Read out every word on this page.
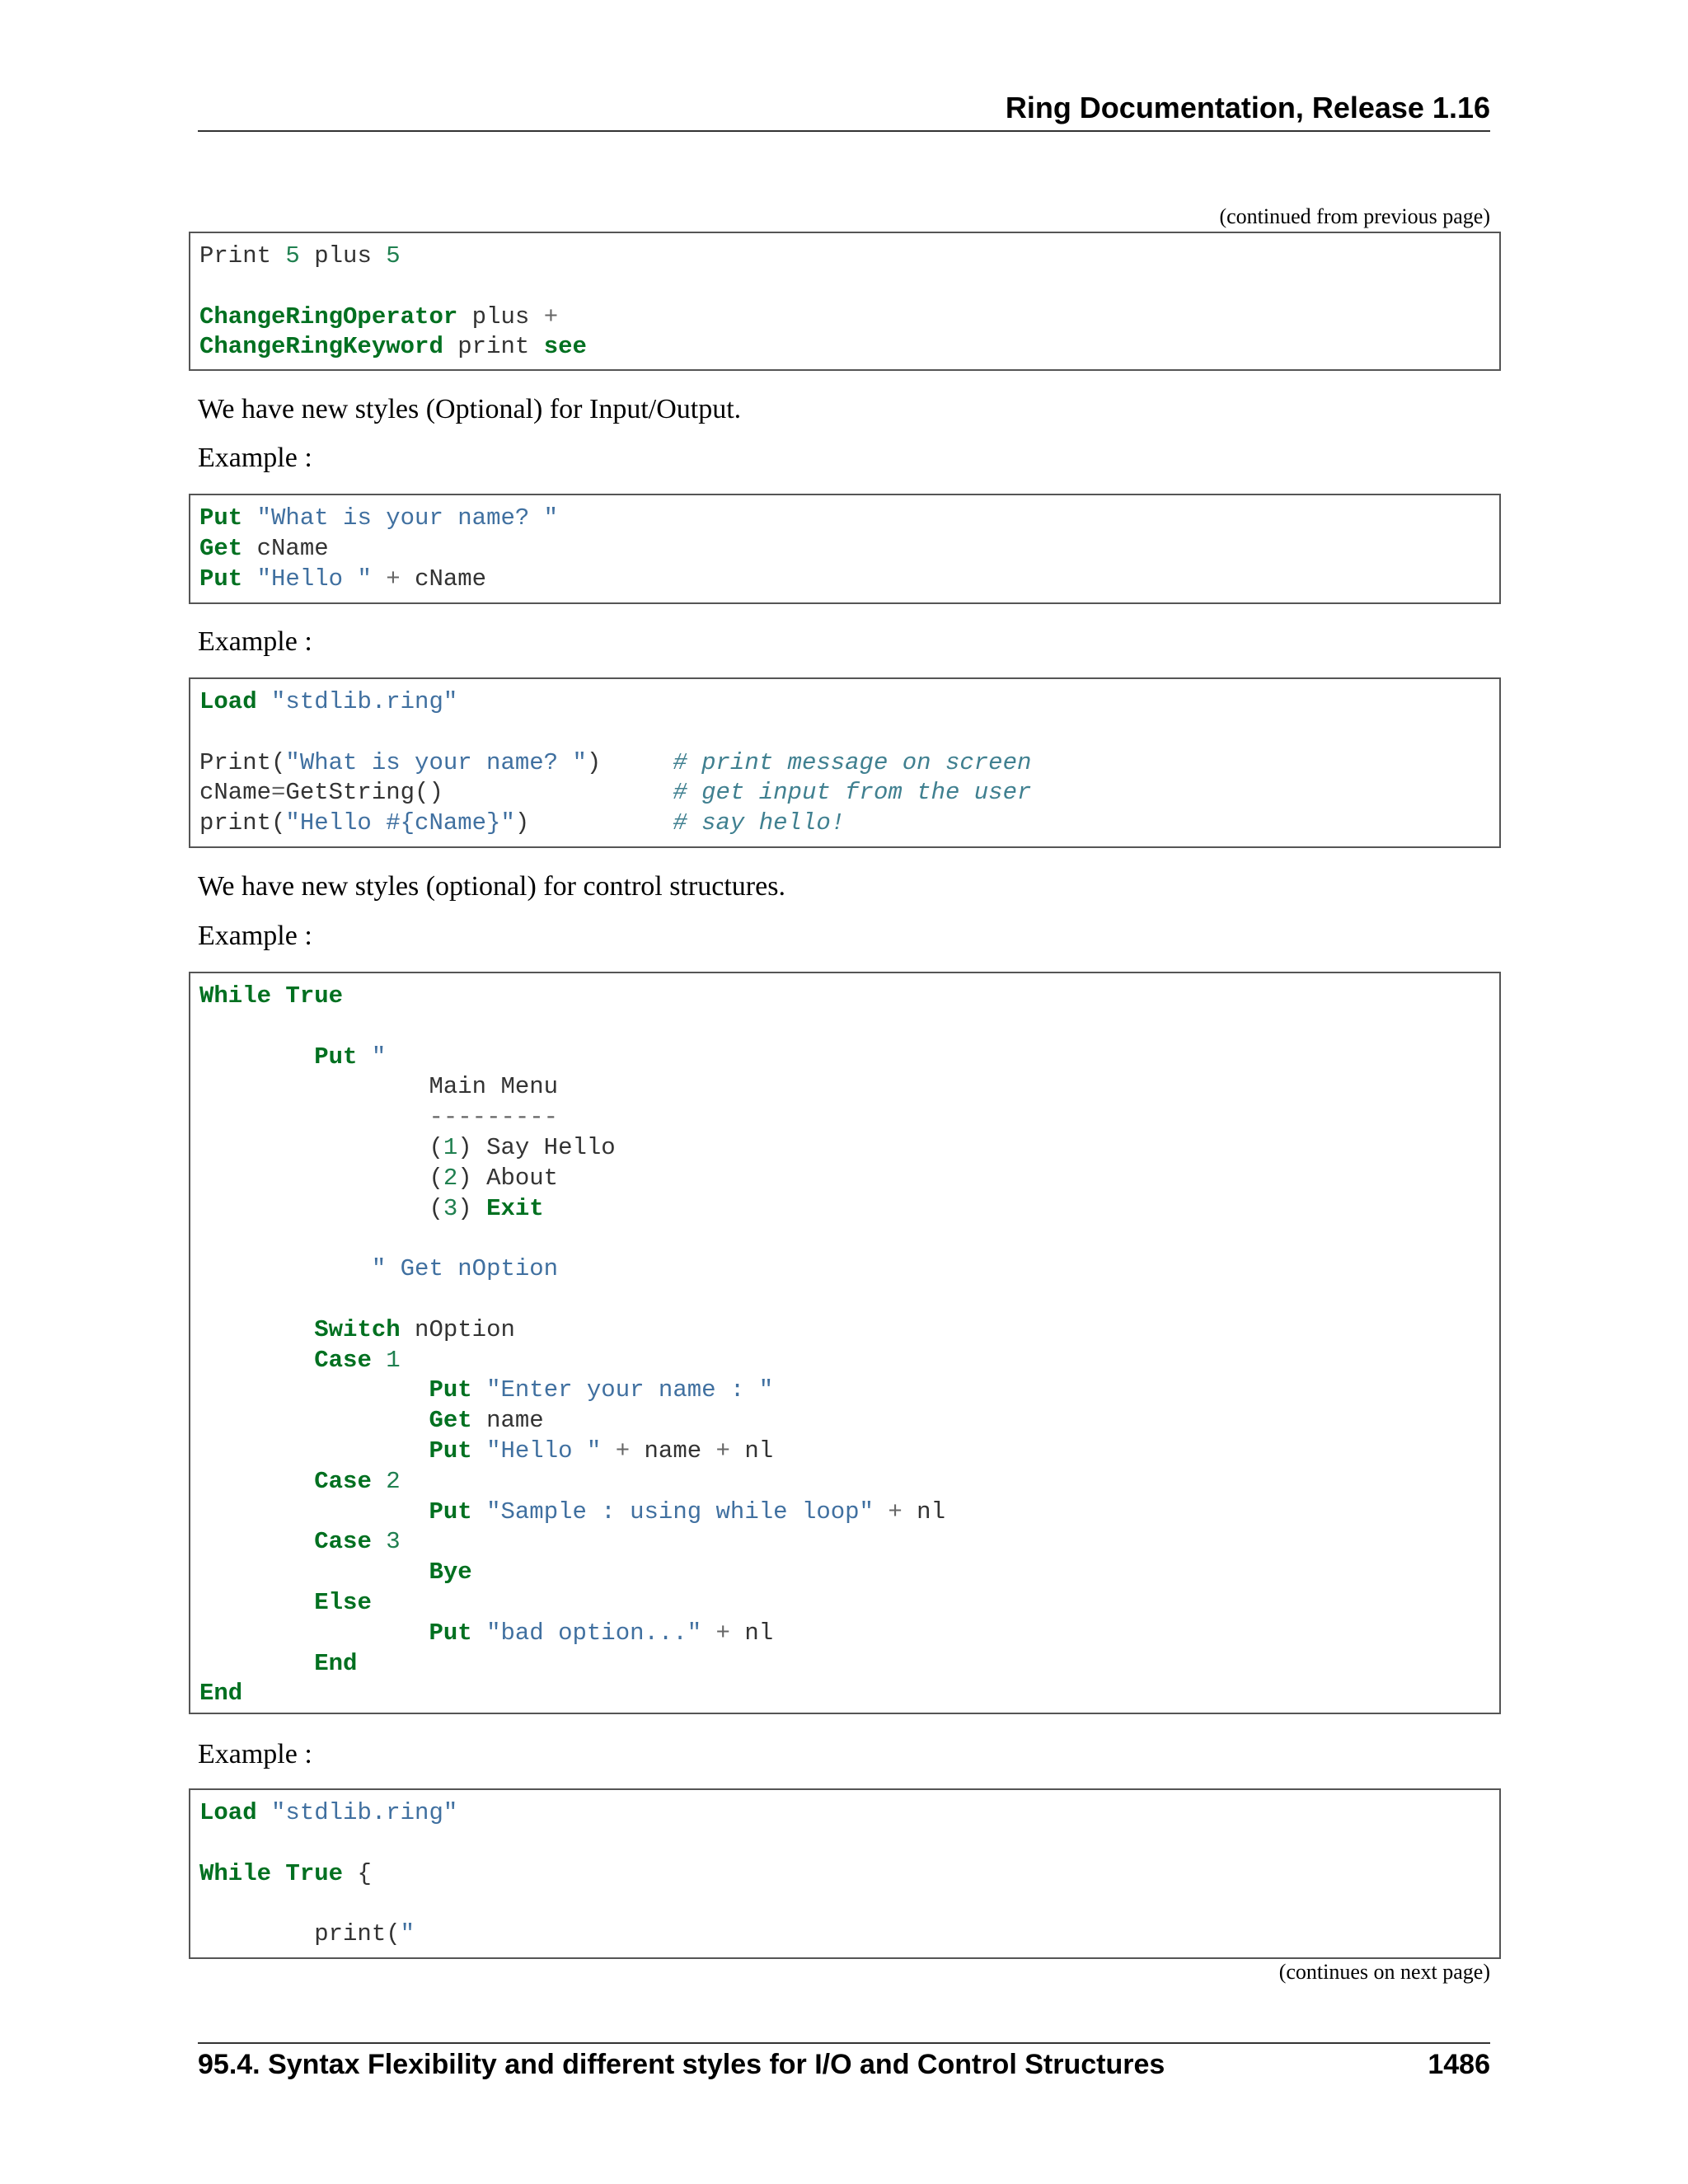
Ring Documentation, Release 1.16
(continued from previous page)
Print 5 plus 5

ChangeRingOperator plus +
ChangeRingKeyword print see
We have new styles (Optional) for Input/Output.
Example :
Put "What is your name? "
Get cName
Put "Hello " + cName
Example :
Load "stdlib.ring"

Print("What is your name? ")     # print message on screen
cName=GetString()                # get input from the user
print("Hello #{cName}")          # say hello!
We have new styles (optional) for control structures.
Example :
While True

Put "
Main Menu
---------
(1) Say Hello
(2) About
(3) Exit

" Get nOption

Switch nOption
Case 1
Put "Enter your name : "
Get name
Put "Hello " + name + nl
Case 2
Put "Sample : using while loop" + nl
Case 3
Bye
Else
Put "bad option..." + nl
End
End
Example :
Load "stdlib.ring"

While True {

print("
(continues on next page)
95.4. Syntax Flexibility and different styles for I/O and Control Structures	1486
